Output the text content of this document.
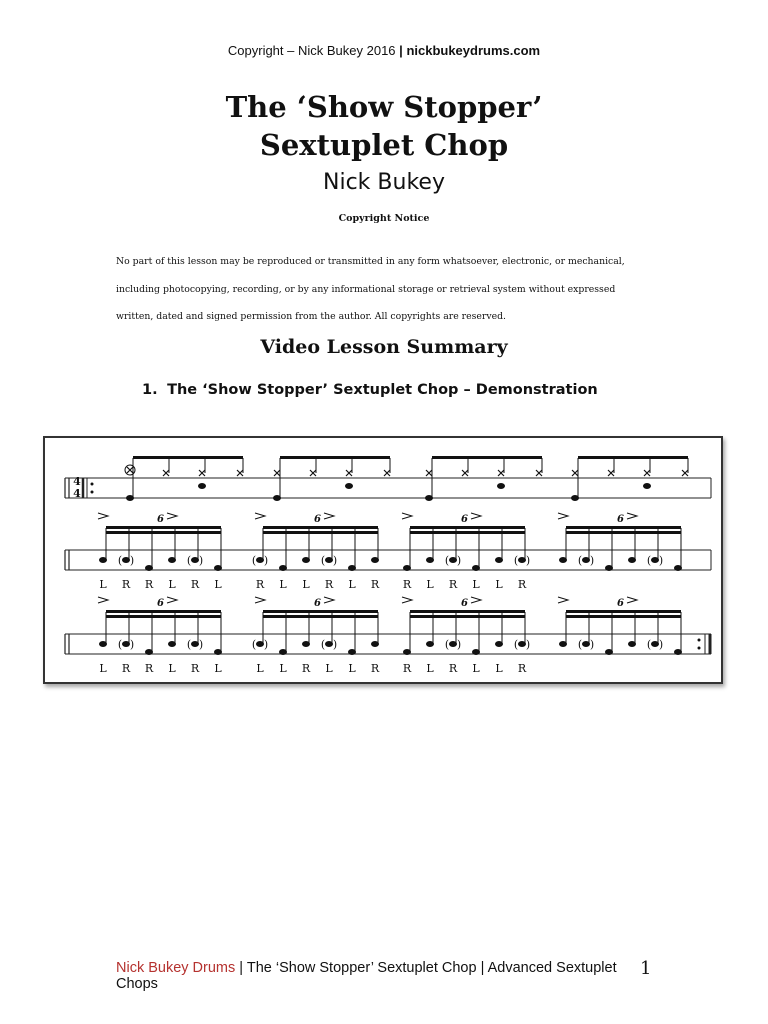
Copyright – Nick Bukey 2016 | nickbukeydrums.com
The ‘Show Stopper’
Sextuplet Chop
Nick Bukey
Copyright Notice
No part of this lesson may be reproduced or transmitted in any form whatsoever, electronic, or mechanical,
including photocopying, recording, or by any informational storage or retrieval system without expressed
written, dated and signed permission from the author. All copyrights are reserved.
Video Lesson Summary
1. The ‘Show Stopper’ Sextuplet Chop – Demonstration
4
4
L
( )
R R L
( )
R L
6
( )
R L L
( )
R L R
6
R L
( )
R L L
( )
R
6
( )	( )
6
L
( )
R R L
( )
R L
6
( )
L L R
( )
L L R
6
R L
( )
R L L
( )
R
6
( )	( )
6
Nick Bukey Drums | The ‘Show Stopper’ Sextuplet Chop | Advanced Sextuplet Chops
1
